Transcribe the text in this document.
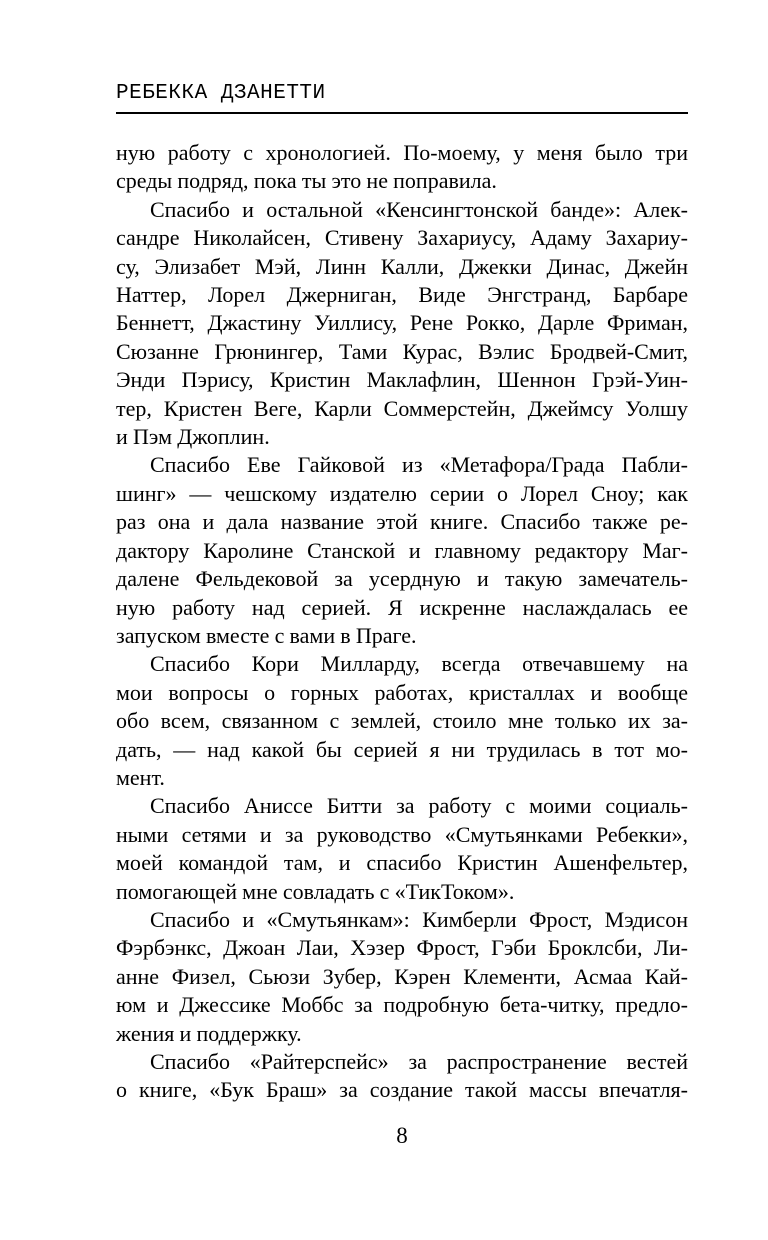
РЕБЕККА ДЗАНЕТТИ
ную работу с хронологией. По-моему, у меня было три
среды подряд, пока ты это не поправила.
Спасибо и остальной «Кенсингтонской банде»: Алек-
сандре Николайсен, Стивену Захариусу, Адаму Захариу-
су, Элизабет Мэй, Линн Калли, Джекки Динас, Джейн
Наттер, Лорел Джерниган, Виде Энгстранд, Барбаре
Беннетт, Джастину Уиллису, Рене Рокко, Дарле Фриман,
Сюзанне Грюнингер, Тами Курас, Вэлис Бродвей-Смит,
Энди Пэрису, Кристин Маклафлин, Шеннон Грэй-Уин-
тер, Кристен Веге, Карли Соммерстейн, Джеймсу Уолшу
и Пэм Джоплин.
Спасибо Еве Гайковой из «Метафора/Града Пабли-
шинг» — чешскому издателю серии о Лорел Сноу; как
раз она и дала название этой книге. Спасибо также ре-
дактору Каролине Станской и главному редактору Маг-
далене Фельдековой за усердную и такую замечатель-
ную работу над серией. Я искренне наслаждалась ее
запуском вместе с вами в Праге.
Спасибо Кори Милларду, всегда отвечавшему на
мои вопросы о горных работах, кристаллах и вообще
обо всем, связанном с землей, стоило мне только их за-
дать, — над какой бы серией я ни трудилась в тот мо-
мент.
Спасибо Аниссе Битти за работу с моими социаль-
ными сетями и за руководство «Смутьянками Ребекки»,
моей командой там, и спасибо Кристин Ашенфельтер,
помогающей мне совладать с «ТикТоком».
Спасибо и «Смутьянкам»: Кимберли Фрост, Мэдисон
Фэрбэнкс, Джоан Лаи, Хэзер Фрост, Гэби Броклсби, Ли-
анне Физел, Сьюзи Зубер, Кэрен Клементи, Асмаа Кай-
юм и Джессике Моббс за подробную бета-читку, предло-
жения и поддержку.
Спасибо «Райтерспейс» за распространение вестей
о книге, «Бук Браш» за создание такой массы впечатля-
8
